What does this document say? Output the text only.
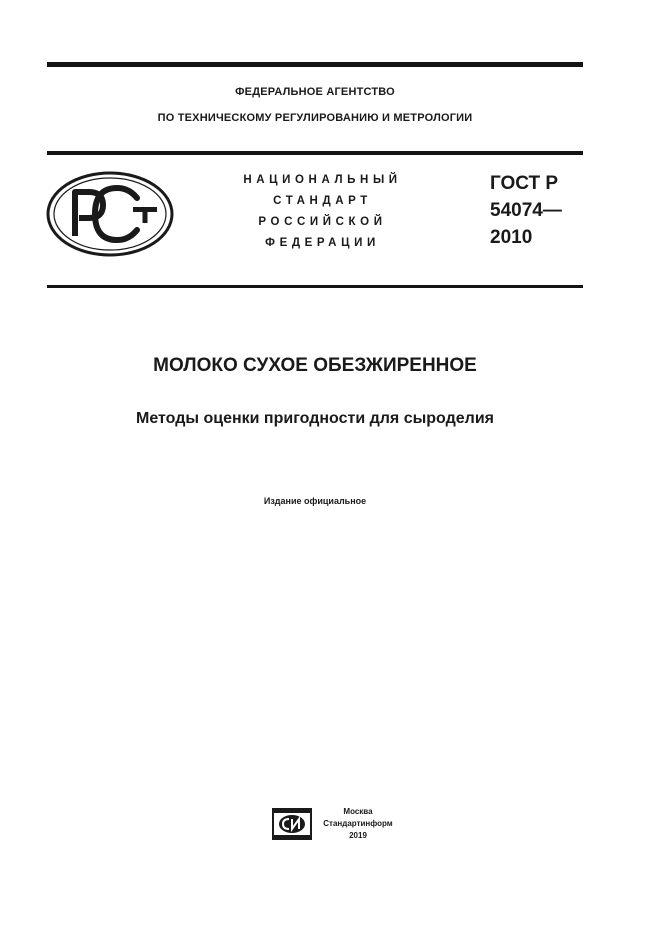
ФЕДЕРАЛЬНОЕ АГЕНТСТВО
ПО ТЕХНИЧЕСКОМУ РЕГУЛИРОВАНИЮ И МЕТРОЛОГИИ
НАЦИОНАЛЬНЫЙ
СТАНДАРТ
РОССИЙСКОЙ
ФЕДЕРАЦИИ
ГОСТ Р
54074—
2010
МОЛОКО СУХОЕ ОБЕЗЖИРЕННОЕ
Методы оценки пригодности для сыроделия
Издание официальное
Москва
Стандартинформ
2019
